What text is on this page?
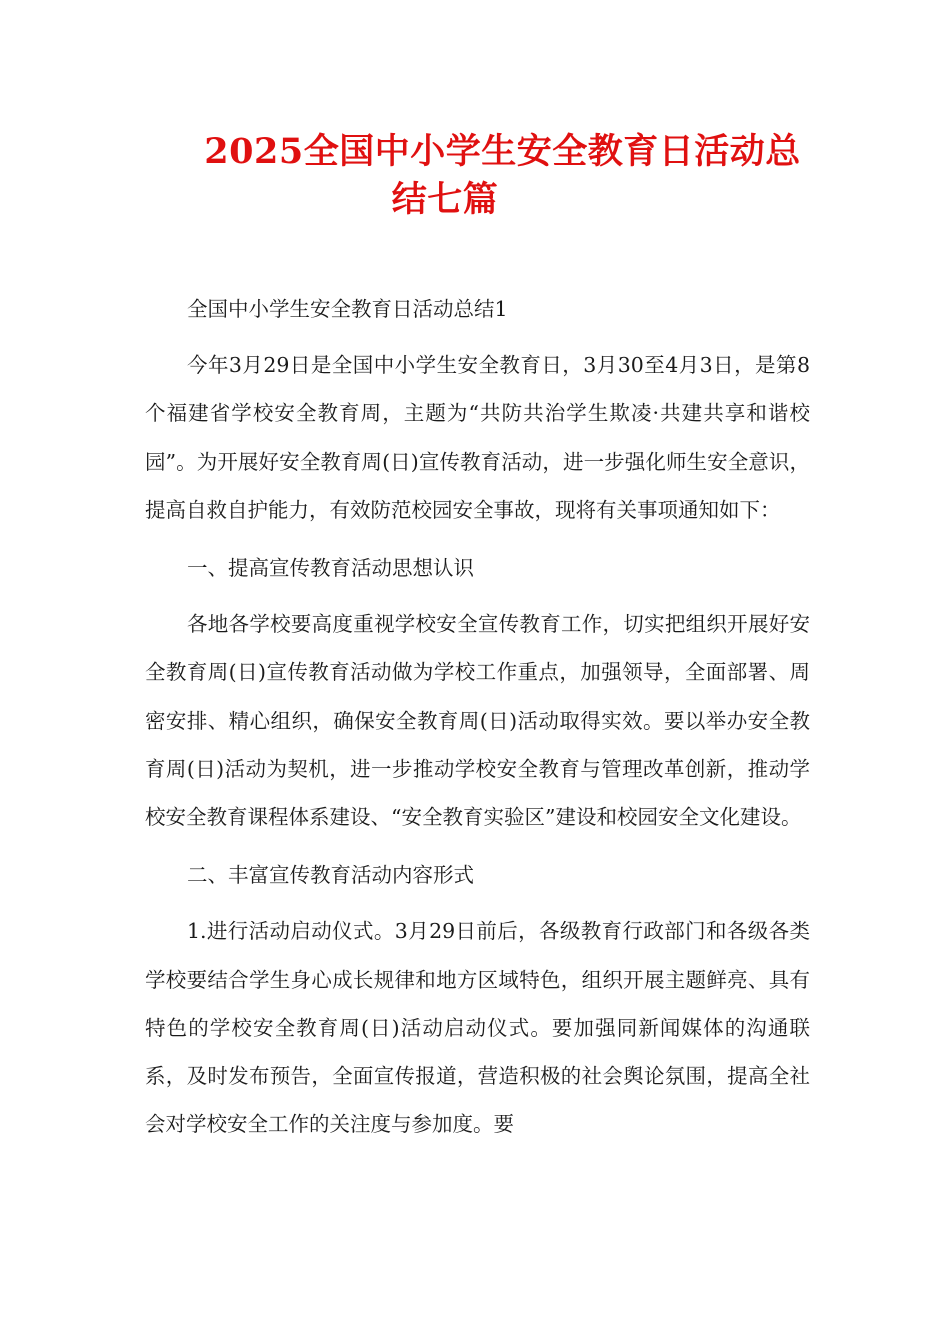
2025全国中小学生安全教育日活动总
结七篇

全国中小学生安全教育日活动总结1

今年3月29日是全国中小学生安全教育日，3月30至4月3日，是第8个福建省学校安全教育周，主题为“共防共治学生欺凌·共建共享和谐校园”。为开展好安全教育周(日)宣传教育活动，进一步强化师生安全意识，提高自救自护能力，有效防范校园安全事故，现将有关事项通知如下：

一、提高宣传教育活动思想认识

各地各学校要高度重视学校安全宣传教育工作，切实把组织开展好安全教育周(日)宣传教育活动做为学校工作重点，加强领导，全面部署、周密安排、精心组织，确保安全教育周(日)活动取得实效。要以举办安全教育周(日)活动为契机，进一步推动学校安全教育与管理改革创新，推动学校安全教育课程体系建设、“安全教育实验区”建设和校园安全文化建设。

二、丰富宣传教育活动内容形式

1.进行活动启动仪式。3月29日前后，各级教育行政部门和各级各类学校要结合学生身心成长规律和地方区域特色，组织开展主题鲜亮、具有特色的学校安全教育周(日)活动启动仪式。要加强同新闻媒体的沟通联系，及时发布预告，全面宣传报道，营造积极的社会舆论氛围，提高全社会对学校安全工作的关注度与参加度。要
